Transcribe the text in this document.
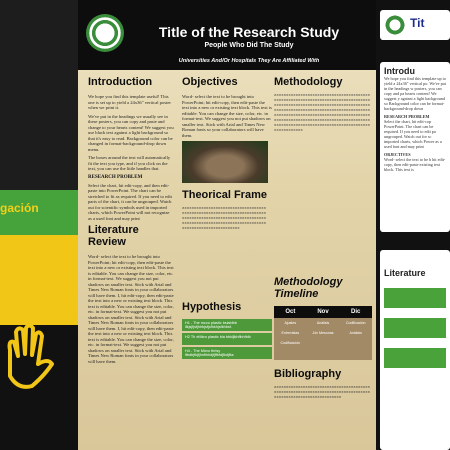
gación
Title of the Research Study
People Who Did The Study
Universities And/Or Hospitals They Are Affiliated With
Introduction

We hope you find this template useful! This one is set up to yield a 24x36" vertical poster when we print it.

We've put in the headings we usually see in these posters, you can copy and paste and change to your hearts content! We suggest you use black text against a light background so that it's easy to read. Background color can be changed in format-background-drop down menu.

The boxes around the text will automatically fit the text you type, and if you click on the text, you can use the little handles that.

RESEARCH PROBLEM

Select the chart, hit edit-copy, and then edit-paste into PowerPoint. The chart can be stretched to fit as required. If you need to edit parts of the chart, it can be ungrouped. Watch out for scientific symbols used in imported charts, which PowerPoint will not recognize as a used font and may print

Literature Review

Word- select the text to be brought into PowerPoint; hit edit-copy, then edit-paste the text into a new or existing text block. This text is editable. You can change the size, color, etc. in format-text. We suggest you not put shadows on smaller text. Stick with Arial and Times New Roman fonts in your collaborators will have them. I, hit edit-copy, then edit-paste the text into a new or existing text block. This text is editable. You can change the size, color, etc. in format-text. We suggest you not put shadows on smaller text. Stick with Arial and Times New Roman fonts in your collaborators will have them. I, hit edit-copy, then edit-paste the text into a new or existing text block. This text is editable. You can change the size, color, etc. in format-text. We suggest you not put shadows on smaller text. Stick with Arial and Times New Roman fonts in your collaborators will have them.

Objectives

Word- select the text to be brought into PowerPoint; hit edit-copy, then edit-paste the text into a new or existing text block. This text is editable. You can change the size, color, etc. in format-text. We suggest you not put shadows on smaller text. Stick with Arial and Times New Roman fonts so your collaborators will have them.

Theorical Frame
Xxxxxxxxxxxxxxxxxxxxxxxxxxxxxxxxxxxxxxxxxxxxxxxxxxxxxxxxxxxxxxxxxxxxxxxxxxxxxxxxxxxxxxxxxxxxxxxxxxxxxxxxxxxxxxxxxxxxxxxxxxxxxxxxxxxxxxxxxxxxxxxxxxxxxxxxxxxxxxxxxxxx
Hypothesis
H1 - The mcco plastic bslablbb llkjsjfjsfjhhbjsfjsfhkhjsfkhbsf.
H2 Th eMkro plastic bla bbkljlkhflbhfblb
H4 - The Micro thrisy lfbdbjfkjfjhnflhhdjfjffkfdjfkdjfks
Methodology
Xxxxxxxxxxxxxxxxxxxxxxxxxxxxxxxxxxxxxxxxxxxxxxxxxxxxxxxxxxxxxxxxxxxxxxxxxxxxxxxxxxxxxxxxxxxxxxxxxxxxxxxxxxxxxxxxxxxxxxxxxxxxxxxxxxxxxxxxxxxxxxxxxxxxxxxxxxxxxxxxxxxxxxxxxxxxxxxxxxxxxxxxxxxxxxxxxxxxxxxxxxxxxxxxxxxxxxxxxxxxxxxxxxxxxxxxxxxxxxxxxxxxxxxxxxxxxxxxxxxxxxxxxxxxxxxxxxxxxxxxxxxxxxxxxxxx
Methodology Timeline
Oct	Nov	Dic
Ajustes	Análisis	Codificación
Entrevistas	Jóv Mesonas	Análisis
Codificación
Bibliography
Xxxxxxxxxxxxxxxxxxxxxxxxxxxxxxxxxxxxxxxxxxxxxxxxxxxxxxxxxxxxxxxxxxxxxxxxxxxxxxxxxxxxxxxxxxxxxxxxxxxxxxxxxxxx
Tit
Introdu

We hope you find this template up to yield a 24x36" vertical po. We've put in the headings w posters, you can copy and pa hearts content! We suggest y against a light background so Background color can be format-background-drop down

RESEARCH PROBLEM

Select the chart, hit edit-cop PowerPoint. The chart can be required. If you need to edit pa ungrouped. Watch out for sc imported charts, which Power as a used font and may print

OBJECTIVES

Word- select the text to be b hit edit-copy, then edit-paste existing text block. This text is

Literature
